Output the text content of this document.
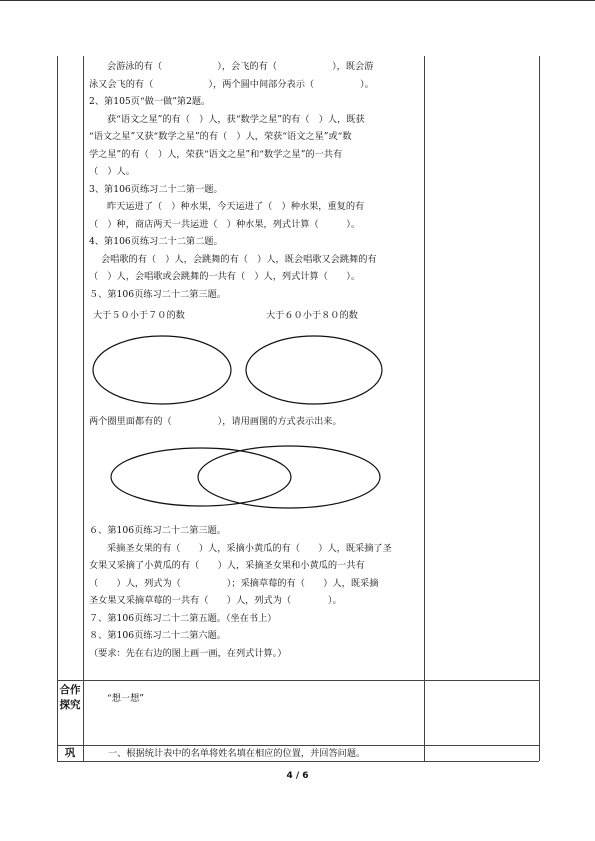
会游泳的有（　　　　　　），会飞的有（　　　　　　），既会游

泳又会飞的有（　　　　　　），两个圆中间部分表示（　　　　　）。

2、第105页“做一做”第2题。

获“语文之星”的有（　）人，获“数学之星”的有（　）人，既获

“语文之星”又获“数学之星”的有（　）人，荣获“语文之星”或“数

学之星”的有（　）人，荣获“语文之星”和“数学之星”的一共有

（　）人。

3、第106页练习二十二第一题。

昨天运进了（　）种水果，今天运进了（　）种水果，重复的有

（　）种，商店两天一共运进（　）种水果，列式计算（　　　）。

4、第106页练习二十二第二题。

会唱歌的有（　）人，会跳舞的有（　）人，既会唱歌又会跳舞的有

（　）人，会唱歌或会跳舞的一共有（　）人，列式计算（　　）。

５、第106页练习二十二第三题。

大于５０小于７０的数	大于６０小于８０的数
两个圈里面都有的（　　　　　），请用画图的方式表示出来。

６、第106页练习二十二第三题。

采摘圣女果的有（　　）人，采摘小黄瓜的有（　　）人，既采摘了圣

女果又采摘了小黄瓜的有（　　）人，采摘圣女果和小黄瓜的一共有

（　　）人，列式为（　　　　　）；采摘草莓的有（　　）人，既采摘

圣女果又采摘草莓的一共有（　　）人，列式为（　　　　）。

７、第106页练习二十二第五题。（坐在书上）

８、第106页练习二十二第六题。

（要求：先在右边的图上画一画，在列式计算。）

合作探究
“想一想”
巩	一、根据统计表中的名单将姓名填在相应的位置，并回答问题。
4 / 6
